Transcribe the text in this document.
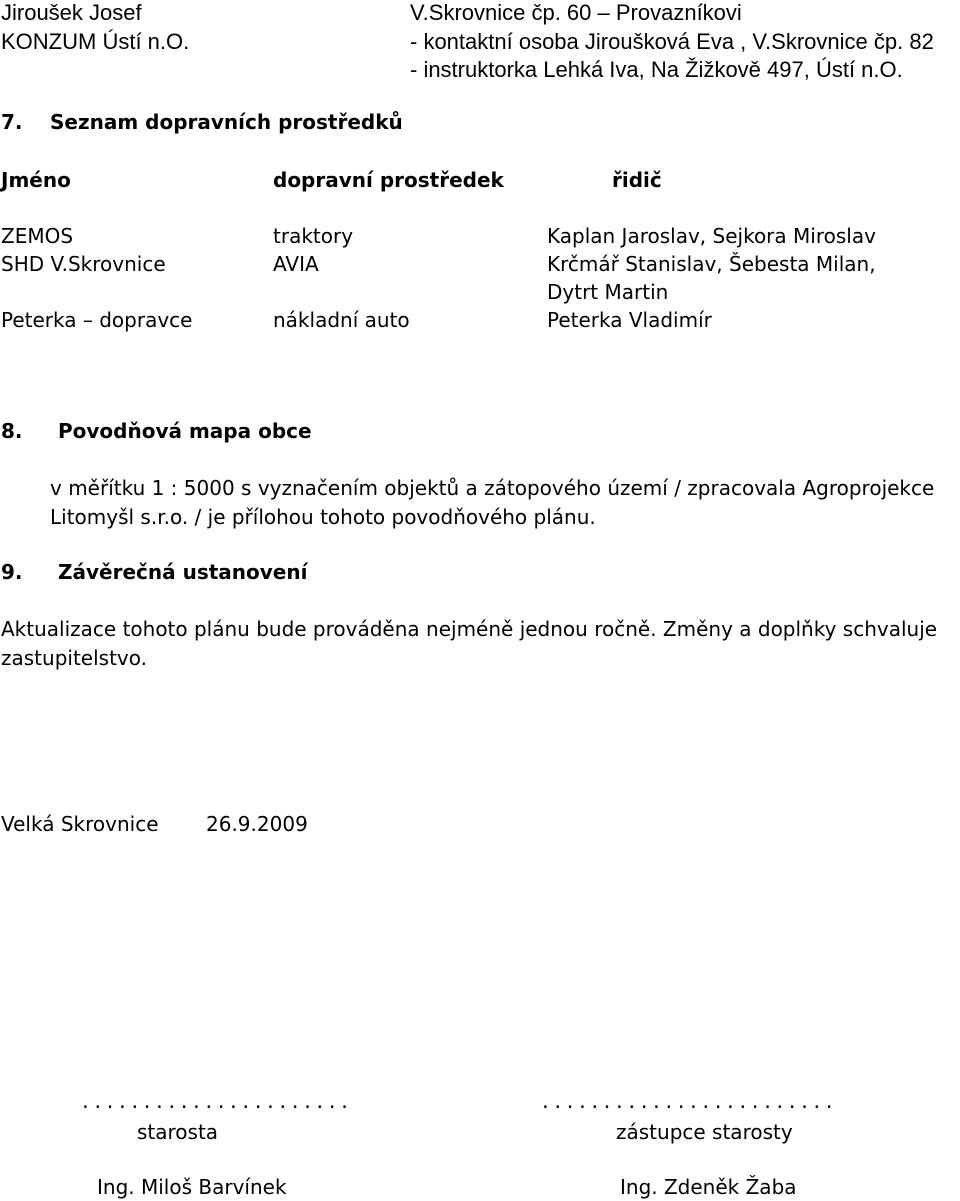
Jiroušek Josef
KONZUM Ústí n.O.
V.Skrovnice čp. 60 – Provazníkovi
- kontaktní osoba Jiroušková Eva , V.Skrovnice čp. 82
- instruktorka Lehká Iva, Na Žižkově 497, Ústí n.O.
7. Seznam dopravních prostředků
Jméno	dopravní prostředek	řidič
ZEMOS	traktory	Kaplan Jaroslav, Sejkora Miroslav
SHD V.Skrovnice	AVIA	Krčmář Stanislav, Šebesta Milan,
Dytrt Martin
Peterka – dopravce	nákladní auto	Peterka Vladimír
8. Povodňová mapa obce
v měřítku 1 : 5000 s vyznačením objektů a zátopového území / zpracovala Agroprojekce
Litomyšl s.r.o. / je přílohou tohoto povodňového plánu.
9. Závěrečná ustanovení
Aktualizace tohoto plánu bude prováděna nejméně jednou ročně. Změny a doplňky schvaluje
zastupitelstvo.
Velká Skrovnice 26.9.2009
......................
starosta
Ing. Miloš Barvínek
........................
zástupce starosty
Ing. Zdeněk Žaba
